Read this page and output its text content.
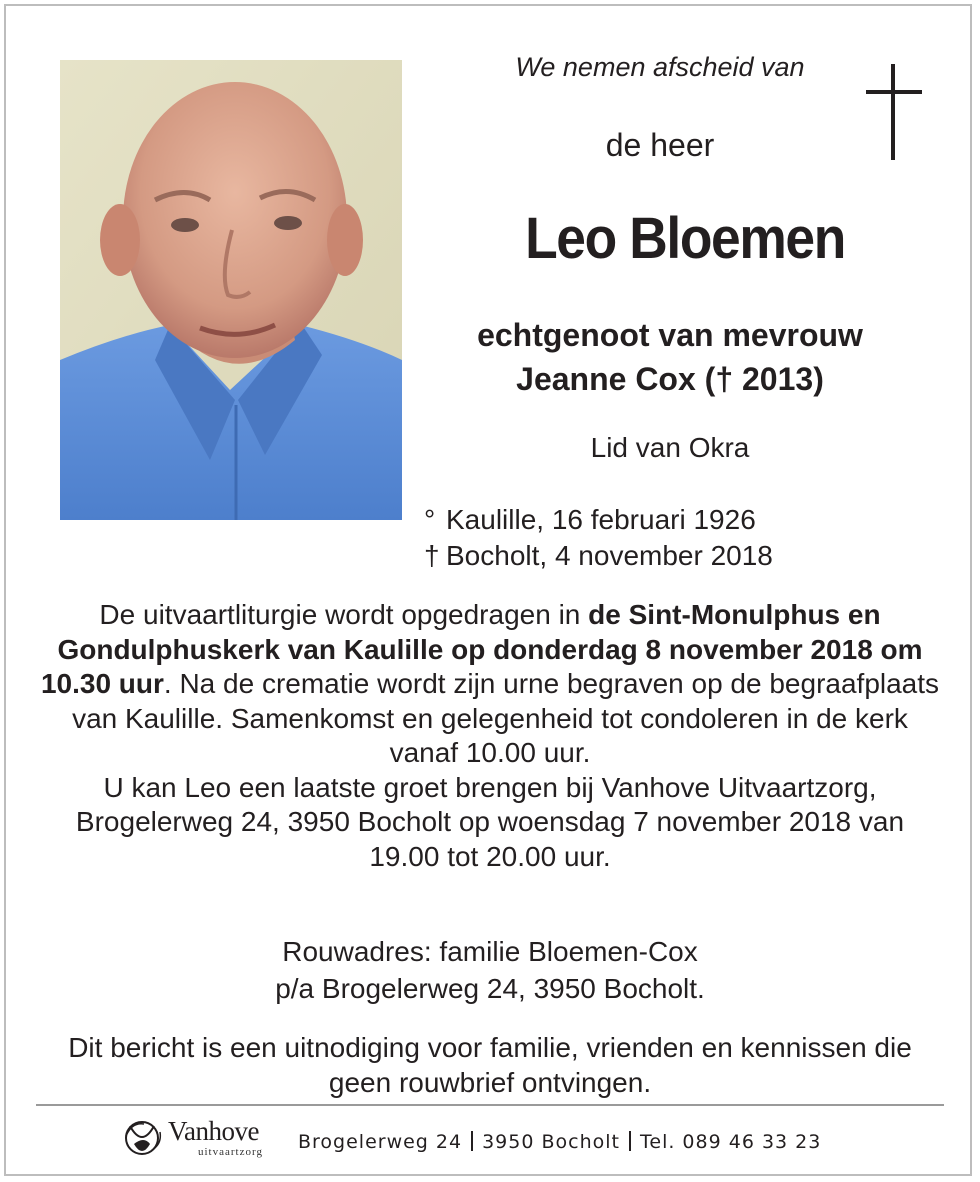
We nemen afscheid van
de heer
Leo Bloemen
echtgenoot van mevrouw
Jeanne Cox († 2013)
Lid van Okra
° Kaulille, 16 februari 1926
† Bocholt, 4 november 2018
De uitvaartliturgie wordt opgedragen in de Sint-Monulphus en Gondulphuskerk van Kaulille op donderdag 8 november 2018 om 10.30 uur. Na de crematie wordt zijn urne begraven op de begraafplaats van Kaulille. Samenkomst en gelegenheid tot condoleren in de kerk vanaf 10.00 uur.
U kan Leo een laatste groet brengen bij Vanhove Uitvaartzorg, Brogelerweg 24, 3950 Bocholt op woensdag 7 november 2018 van 19.00 tot 20.00 uur.
Rouwadres: familie Bloemen-Cox
p/a Brogelerweg 24, 3950 Bocholt.
Dit bericht is een uitnodiging voor familie, vrienden en kennissen die geen rouwbrief ontvingen.
Vanhove
uitvaartzorg Brogelerweg 24 3950 Bocholt Tel. 089 46 33 23
